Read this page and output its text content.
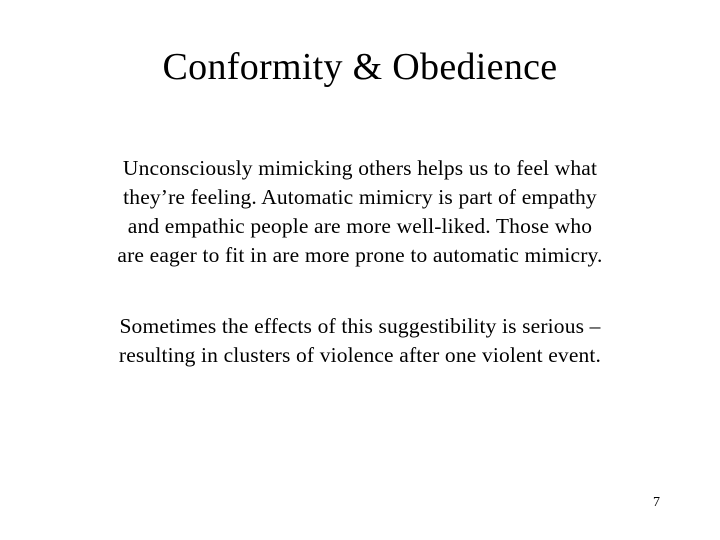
Conformity & Obedience
Unconsciously mimicking others helps us to feel what
they’re feeling. Automatic mimicry is part of empathy
and empathic people are more well-liked. Those who
are eager to fit in are more prone to automatic mimicry.
Sometimes the effects of this suggestibility is serious –
resulting in clusters of violence after one violent event.
7
